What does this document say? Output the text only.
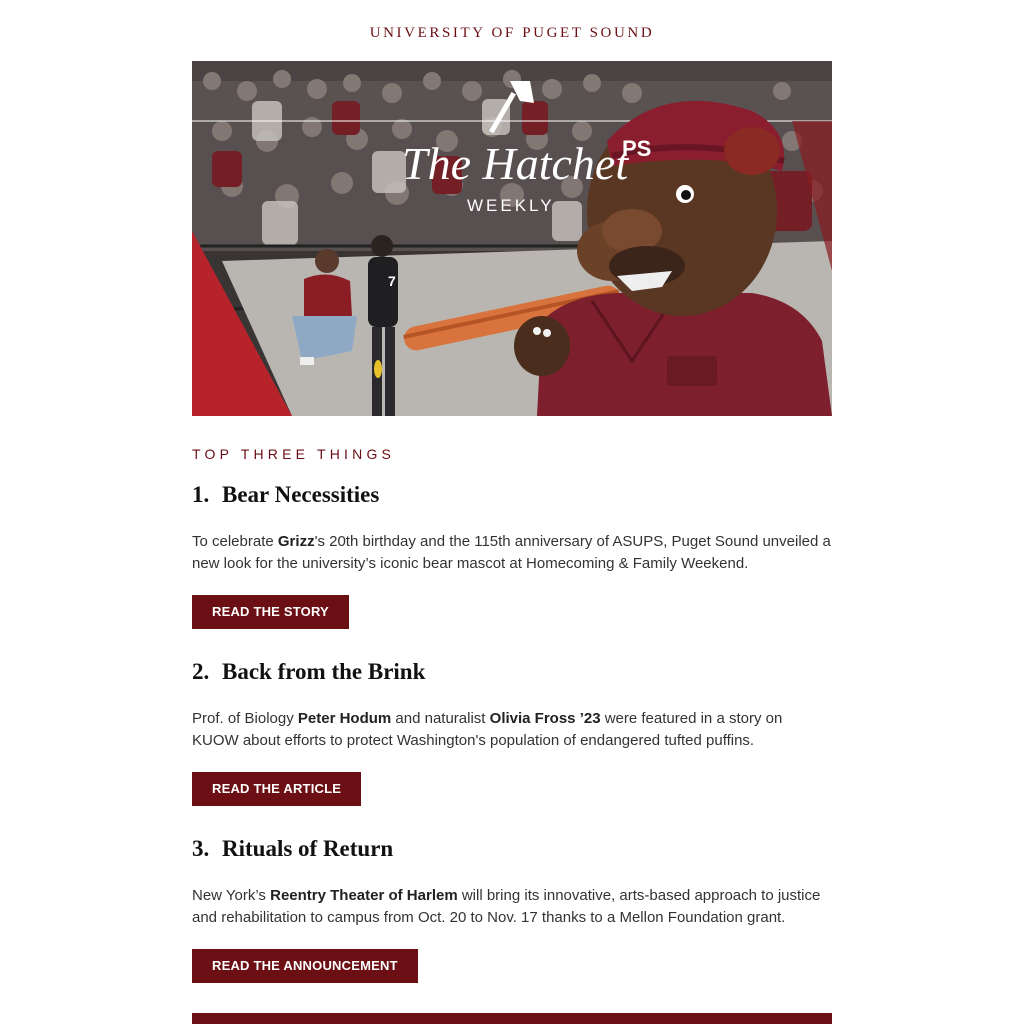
UNIVERSITY OF PUGET SOUND
7
PS
The Hatchet
WEEKLY
TOP THREE THINGS
1. Bear Necessities
To celebrate Grizz's 20th birthday and the 115th anniversary of ASUPS, Puget Sound unveiled a new look for the university’s iconic bear mascot at Homecoming & Family Weekend.
READ THE STORY
2. Back from the Brink
Prof. of Biology Peter Hodum and naturalist Olivia Fross ’23 were featured in a story on KUOW about efforts to protect Washington's population of endangered tufted puffins.
READ THE ARTICLE
3. Rituals of Return
New York’s Reentry Theater of Harlem will bring its innovative, arts-based approach to justice and rehabilitation to campus from Oct. 20 to Nov. 17 thanks to a Mellon Foundation grant.
READ THE ANNOUNCEMENT
